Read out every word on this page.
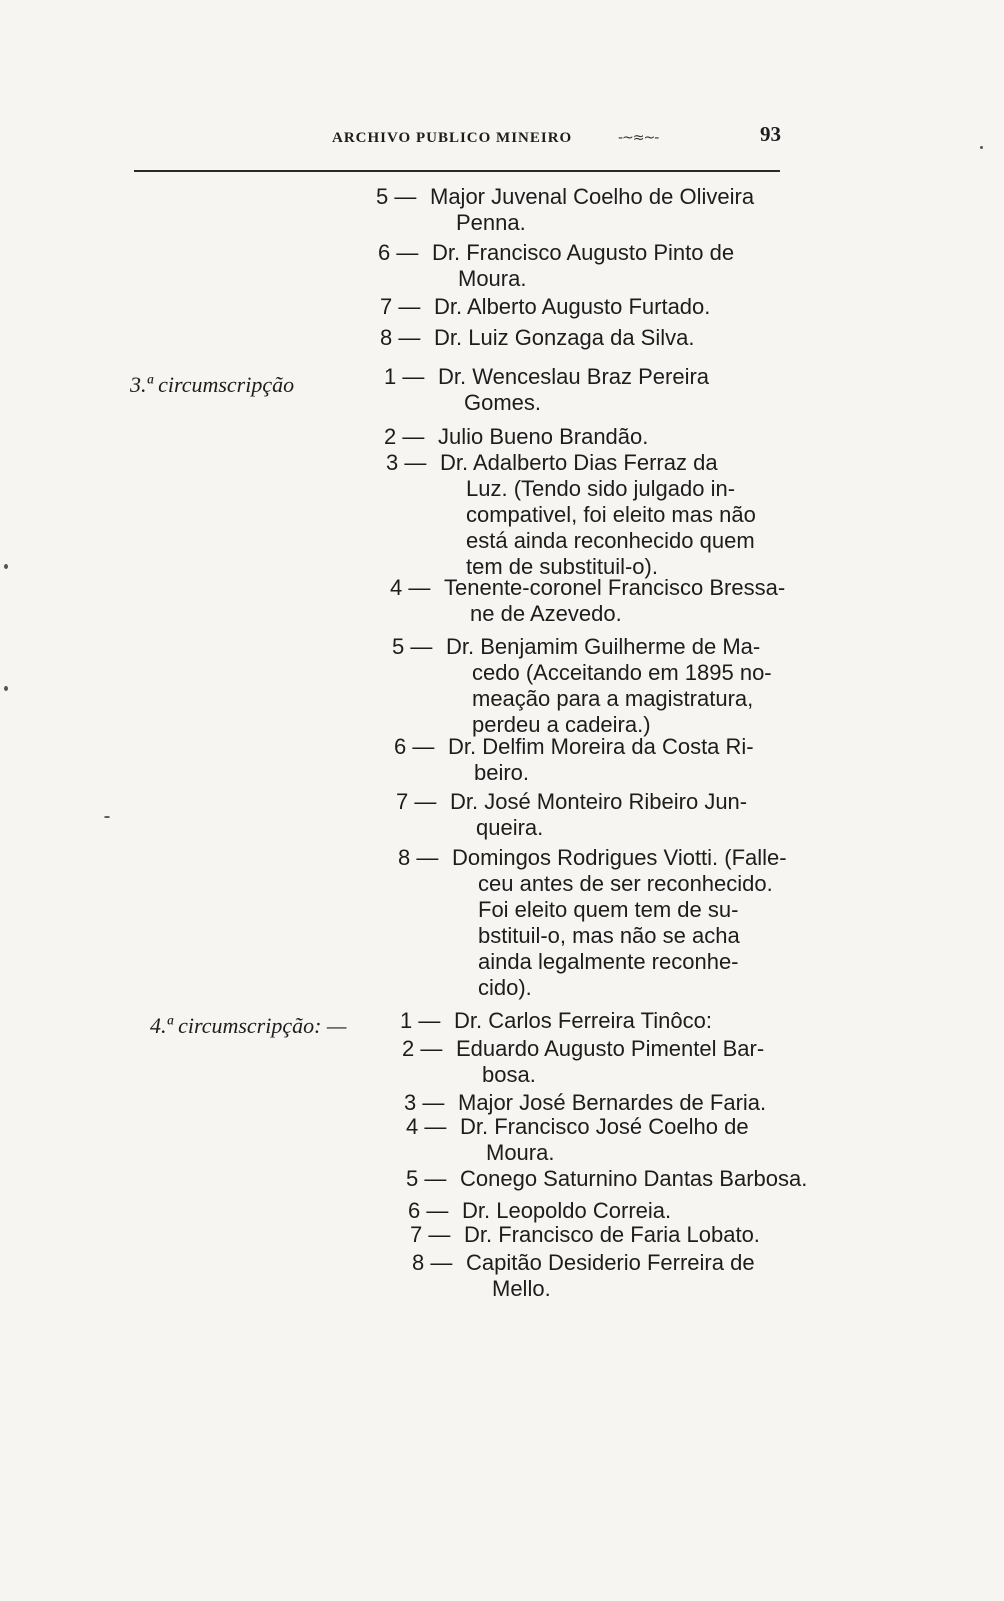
ARCHIVO PUBLICO MINEIRO	-~≈~-	93
3.ª circumscripção
4.ª circumscripção: —
5 — Major Juvenal Coelho de Oliveira
Penna.
6 — Dr. Francisco Augusto Pinto de
Moura.
7 — Dr. Alberto Augusto Furtado.
8 — Dr. Luiz Gonzaga da Silva.
1 — Dr. Wenceslau Braz Pereira
Gomes.
2 — Julio Bueno Brandão.
3 — Dr. Adalberto Dias Ferraz da
Luz. (Tendo sido julgado in-
compativel, foi eleito mas não
está ainda reconhecido quem
tem de substituil-o).
4 — Tenente-coronel Francisco Bressa-
ne de Azevedo.
5 — Dr. Benjamim Guilherme de Ma-
cedo (Acceitando em 1895 no-
meação para a magistratura,
perdeu a cadeira.)
6 — Dr. Delfim Moreira da Costa Ri-
beiro.
7 — Dr. José Monteiro Ribeiro Jun-
queira.
8 — Domingos Rodrigues Viotti. (Falle-
ceu antes de ser reconhecido.
Foi eleito quem tem de su-
bstituil-o, mas não se acha
ainda legalmente reconhe-
cido).
1 — Dr. Carlos Ferreira Tinôco:
2 — Eduardo Augusto Pimentel Bar-
bosa.
3 — Major José Bernardes de Faria.
4 — Dr. Francisco José Coelho de
Moura.
5 — Conego Saturnino Dantas Barbosa.
6 — Dr. Leopoldo Correia.
7 — Dr. Francisco de Faria Lobato.
8 — Capitão Desiderio Ferreira de
Mello.
